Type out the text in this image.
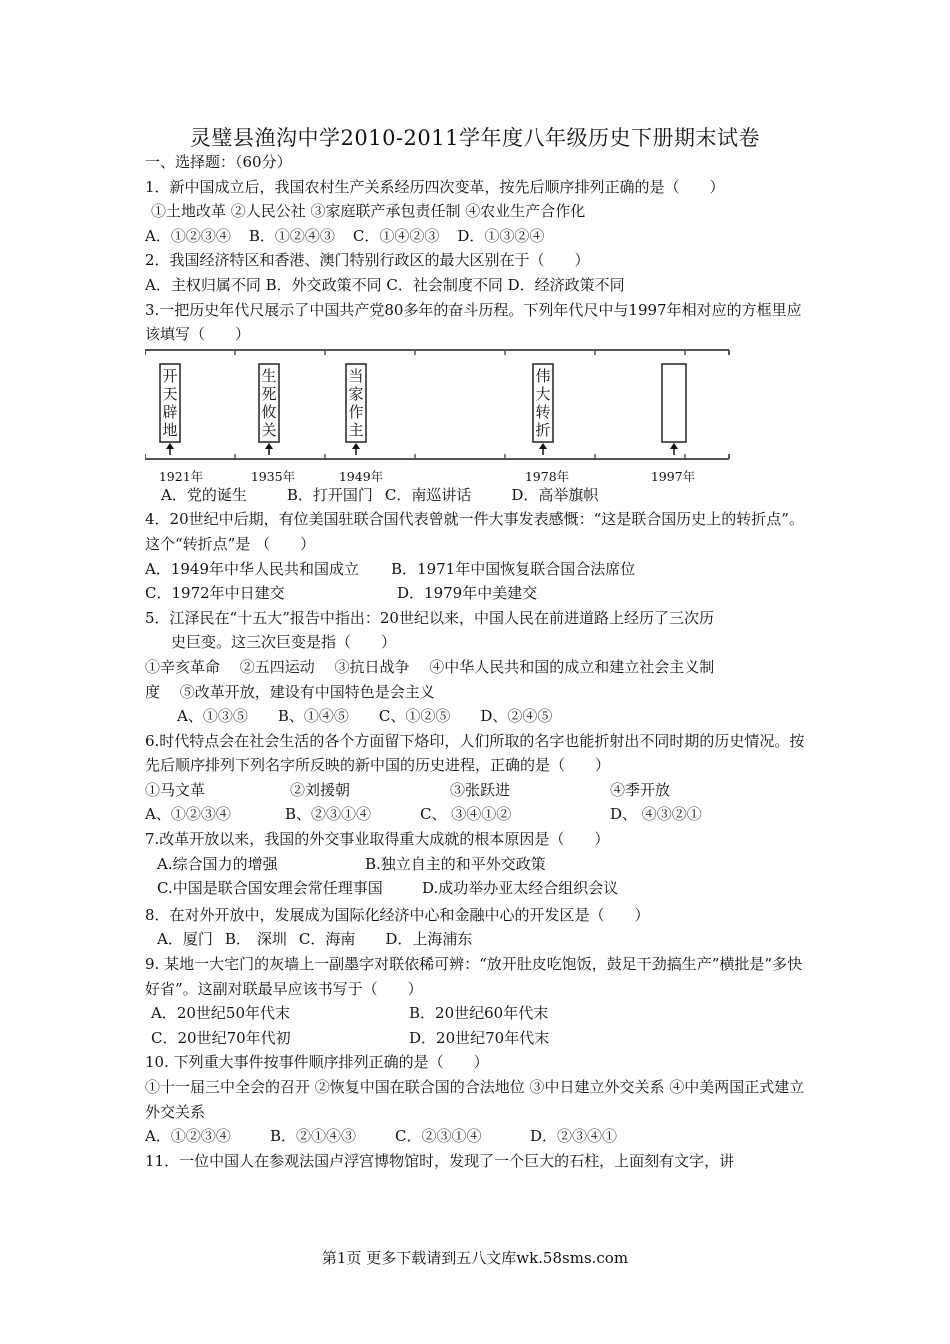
灵璧县渔沟中学2010-2011学年度八年级历史下册期末试卷
一、选择题：（60分）
1．新中国成立后，我国农村生产关系经历四次变革，按先后顺序排列正确的是（　　）
①土地改革 ②人民公社 ③家庭联产承包责任制 ④农业生产合作化
A．①②③④ B．①②④③ C．①④②③ D．①③②④
2．我国经济特区和香港、澳门特别行政区的最大区别在于（　　）
A．主权归属不同 B．外交政策不同 C．社会制度不同 D．经济政策不同
3.一把历史年代尺展示了中国共产党80多年的奋斗历程。下列年代尺中与1997年相对应的方框里应该填写（　　）
开
天
辟
地
1921年
生
死
攸
关
1935年
当
家
作
主
1949年
伟
大
转
折
1978年	1997年
A．党的诞生	B．打开国门 C．南巡讲话	D．高举旗帜
4．20世纪中后期，有位美国驻联合国代表曾就一件大事发表感慨：“这是联合国历史上的转折点”。这个“转折点”是 （　　）
A．1949年中华人民共和国成立 B．1971年中国恢复联合国合法席位
C．1972年中日建交	D．1979年中美建交
5．江泽民在“十五大”报告中指出：20世纪以来，中国人民在前进道路上经历了三次历
史巨变。这三次巨变是指（　　）
①辛亥革命　 ②五四运动　 ③抗日战争　 ④中华人民共和国的成立和建立社会主义制
度　 ⑤改革开放，建设有中国特色是会主义
A、①③⑤ B、①④⑤ C、①②⑤ D、②④⑤
6.时代特点会在社会生活的各个方面留下烙印，人们所取的名字也能折射出不同时期的历史情况。按先后顺序排列下列名字所反映的新中国的历史进程，正确的是（　　）
①马文革	②刘援朝	③张跃进	④季开放
A、①②③④	B、②③①④	C、 ③④①②	D、 ④③②①
7.改革开放以来，我国的外交事业取得重大成就的根本原因是（　　）
A.综合国力的增强	B.独立自主的和平外交政策
C.中国是联合国安理会常任理事国	D.成功举办亚太经合组织会议
8．在对外开放中，发展成为国际化经济中心和金融中心的开发区是（　　）
A．厦门 B． 深圳 C．海南 D．上海浦东
9. 某地一大宅门的灰墙上一副墨字对联依稀可辨：“放开肚皮吃饱饭，鼓足干劲搞生产”横批是“多快好省”。这副对联最早应该书写于（　　）
A．20世纪50年代末	B．20世纪60年代末
C．20世纪70年代初	D．20世纪70年代末
10. 下列重大事件按事件顺序排列正确的是（　　）
①十一届三中全会的召开 ②恢复中国在联合国的合法地位 ③中日建立外交关系 ④中美两国正式建立外交关系
A．①②③④	B．②①④③	C．②③①④	D．②③④①
11．一位中国人在参观法国卢浮宫博物馆时，发现了一个巨大的石柱，上面刻有文字，讲
第1页 更多下载请到五八文库wk.58sms.com
